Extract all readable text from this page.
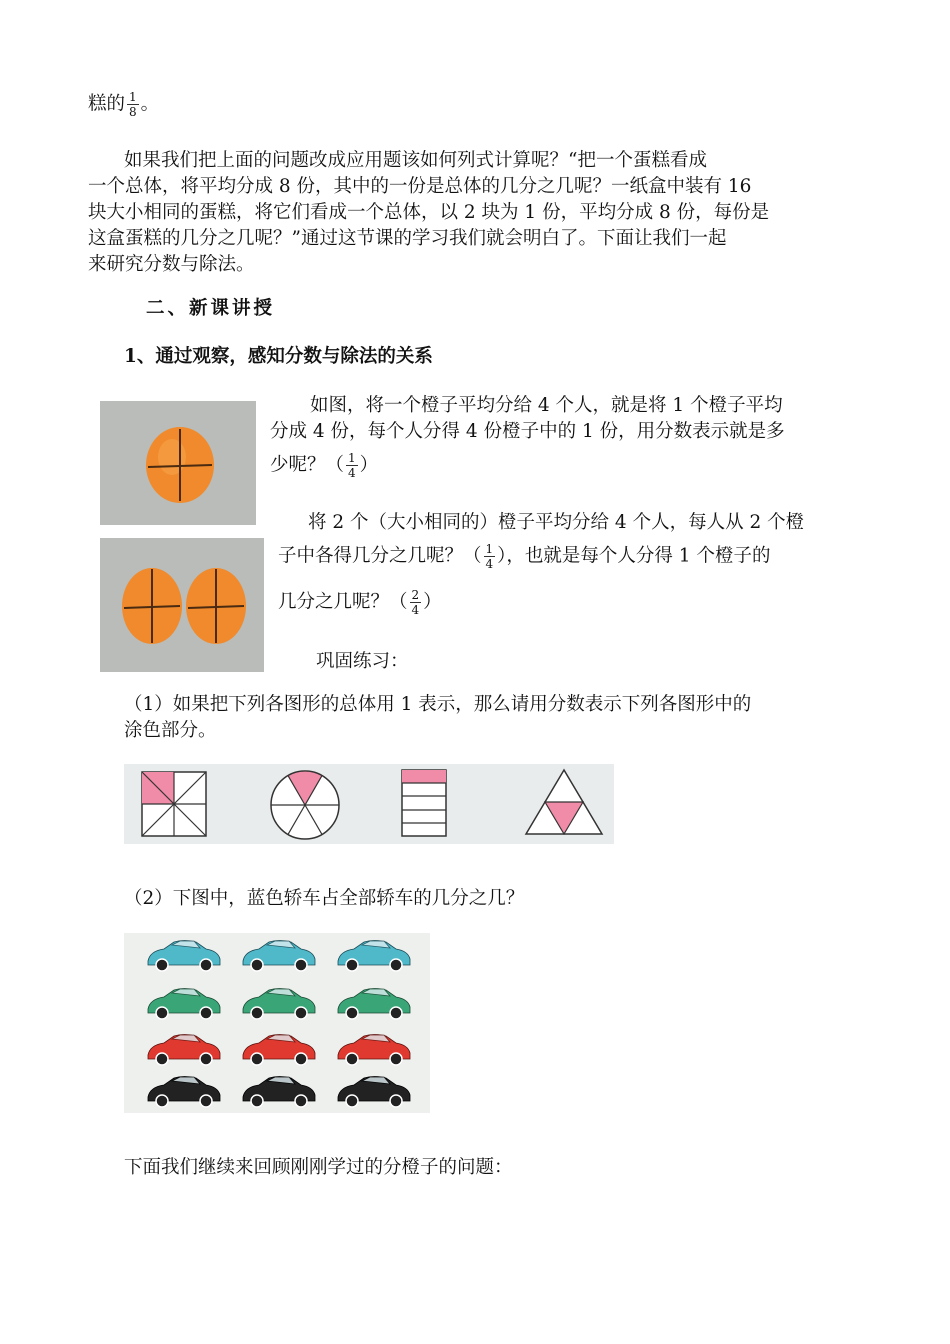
糕的 $\frac{1}{8}$ 。
如果我们把上面的问题改成应用题该如何列式计算呢？“把一个蛋糕看成
一个总体，将平均分成 8 份，其中的一份是总体的几分之几呢？一纸盒中装有 16
块大小相同的蛋糕，将它们看成一个总体，以 2 块为 1 份，平均分成 8 份，每份是
这盒蛋糕的几分之几呢？”通过这节课的学习我们就会明白了。下面让我们一起
来研究分数与除法。
二、新课讲授
1、通过观察，感知分数与除法的关系
如图，将一个橙子平均分给 4 个人，就是将 1 个橙子平均
分成 4 份，每个人分得 4 份橙子中的 1 份，用分数表示就是多
少呢？（ $\frac{1}{4}$ ）
将 2 个（大小相同的）橙子平均分给 4 个人，每人从 2 个橙
子中各得几分之几呢？（ $\frac{1}{4}$ ），也就是每个人分得 1 个橙子的
几分之几呢？（ $\frac{2}{4}$ ）
巩固练习：
（1）如果把下列各图形的总体用 1 表示，那么请用分数表示下列各图形中的
涂色部分。
（2）下图中，蓝色轿车占全部轿车的几分之几？
下面我们继续来回顾刚刚学过的分橙子的问题：
